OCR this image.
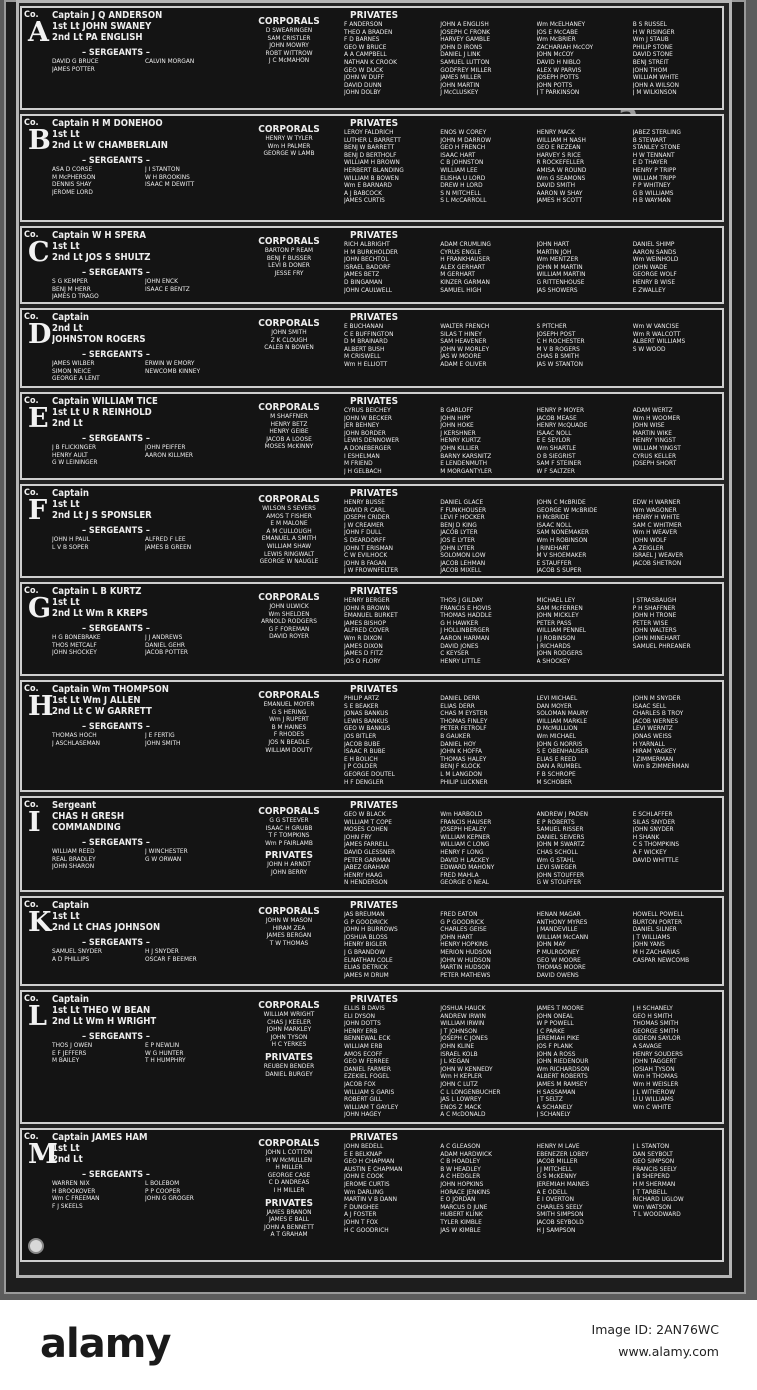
Co.
A
Captain J Q ANDERSON
1st Lt JOHN SWANEY
2nd Lt PA ENGLISH
– SERGEANTS –
DAVID G BRUCE
JAMES POTTER
CALVIN MORGAN
CORPORALS
D SWEARINGEN
SAM CRISTLER
JOHN MOWRY
ROBT WITTROW
J C McMAHON
PRIVATES
F ANDERSON
THEO A BRADEN
F D BARNES
GEO W BRUCE
A A CAMPBELL
NATHAN K CROOK
GEO W DUCK
JOHN W DUFF
DAVID DUNN
JOHN DOLBY
JOHN A ENGLISH
JOSEPH C FRONK
HARVEY GAMBLE
JOHN D IRONS
DANIEL J LINK
SAMUEL LUTTON
GODFREY MILLER
JAMES MILLER
JOHN MARTIN
J McCLUSKEY
Wm McELHANEY
JOS E McCABE
Wm McBRIER
ZACHARIAH McCOY
JOHN McCOY
DAVID H NIBLO
ALEX W PARVIS
JOSEPH POTTS
JOHN POTTS
J T PARKINSON
B S RUSSEL
H W RISINGER
Wm J STAUB
PHILIP STONE
DAVID STONE
BENJ STREIT
JOHN THOM
WILLIAM WHITE
JOHN A WILSON
J M WILKINSON
Co.
B
Captain H M DONEHOO
1st Lt
2nd Lt W CHAMBERLAIN
– SERGEANTS –
ASA D CORSE
M McPHERSON
DENNIS SHAY
JEROME LORD
J I STANTON
W H BROOKINS
ISAAC M DEWITT
CORPORALS
HENRY W TYLER
Wm H PALMER
GEORGE W LAMB
PRIVATES
LEROY FALDRICH
LUTHER L BARRETT
BENJ W BARRETT
BENJ D BERTHOLF
WILLIAM H BROWN
HERBERT BLANDING
WILLIAM B BOWEN
Wm E BARNARD
A J BABCOCK
JAMES CURTIS
ENOS W COREY
JOHN M DARROW
GEO H FRENCH
ISAAC HART
C B JOHNSTON
WILLIAM LEE
ELISHA U LORD
DREW H LORD
S N MITCHELL
S L McCARROLL
HENRY MACK
WILLIAM H NASH
GEO E REZEAN
HARVEY S RICE
R ROCKEFELLER
AMISA W ROUND
Wm G SEAMONS
DAVID SMITH
AARON W SHAY
JAMES H SCOTT
JABEZ STERLING
B STEWART
STANLEY STONE
H W TENNANT
E D THAYER
HENRY P TRIPP
WILLIAM TRIPP
F P WHITNEY
G B WILLIAMS
H B WAYMAN
Co.
C
Captain W H SPERA
1st Lt
2nd Lt JOS S SHULTZ
– SERGEANTS –
S G KEMPER
BENJ M HERR
JAMES D TRAGO
JOHN ENCK
ISAAC E BENTZ
CORPORALS
BARTON P REAM
BENJ F BUSSER
LEVI B DONER
JESSE FRY
PRIVATES
RICH ALBRIGHT
H M BURKHOLDER
JOHN BECHTOL
ISRAEL BADORF
JAMES BETZ
D BINGAMAN
JOHN CAULWELL
ADAM CRUMLING
CYRUS ENGLE
H FRANKHAUSER
ALEX GERHART
M GERHART
KINZER GARMAN
SAMUEL HIGH
JOHN HART
MARTIN JOH
Wm MENTZER
JOHN M MARTIN
WILLIAM MARTIN
G RITTENHOUSE
JAS SHOWERS
DANIEL SHIMP
AARON SANDS
Wm WEINHOLD
JOHN WADE
GEORGE WOLF
HENRY B WISE
E ZWALLEY
Co.
D
Captain
2nd Lt
JOHNSTON ROGERS
– SERGEANTS –
JAMES WILBER
SIMON NEICE
GEORGE A LENT
ERWIN W EMORY
NEWCOMB KINNEY
CORPORALS
JOHN SMITH
Z K CLOUGH
CALEB N BOWEN
PRIVATES
E BUCHANAN
C E BUFFINGTON
D M BRAINARD
ALBERT BUSH
M CRISWELL
Wm H ELLIOTT
WALTER FRENCH
SILAS T HINEY
SAM HEAVENER
JOHN W MORLEY
JAS W MOORE
ADAM E OLIVER
S PITCHER
JOSEPH POST
C H ROCHESTER
M V B ROGERS
CHAS B SMITH
JAS W STANTON
Wm W VANCISE
Wm R WALCOTT
ALBERT WILLIAMS
S W WOOD
Co.
E
Captain WILLIAM TICE
1st Lt U R REINHOLD
2nd Lt
– SERGEANTS –
J B FLICKINGER
HENRY AULT
G W LEININGER
JOHN PEIFFER
AARON KILLMER
CORPORALS
M SHAFFNER
HENRY BETZ
HENRY GEIBE
JACOB A LOOSE
MOSES McKINNY
PRIVATES
CYRUS BEICHEY
JOHN W BECKER
JER BEHNEY
JOHN BORDER
LEWIS DENNOWER
A DONEBERGER
I ESHELMAN
M FRIEND
J H GELBACH
B GARLOFF
JOHN HIPP
JOHN HOKE
J KERSHNER
HENRY KURTZ
JOHN KILLIER
BARNY KARSNITZ
E LENDENMUTH
M MORGANTYLER
HENRY P MOYER
JACOB MEASE
HENRY McQUADE
ISAAC NOLL
E E SEYLOR
Wm SHARTLE
O B SIEGRIST
SAM F STEINER
W F SALTZER
ADAM WERTZ
Wm H WOOMER
JOHN WISE
MARTIN WIKE
HENRY YINGST
WILLIAM YINGST
CYRUS KELLER
JOSEPH SHORT
Co.
F
Captain
1st Lt
2nd Lt J S SPONSLER
– SERGEANTS –
JOHN H PAUL
L V B SOPER
ALFRED F LEE
JAMES B GREEN
CORPORALS
WILSON S SEVERS
AMOS T FISHER
E M MALONE
A M CULLOUGH
EMANUEL A SMITH
WILLIAM SHAW
LEWIS RINGWALT
GEORGE W NAUGLE
PRIVATES
HENRY BUSSE
DAVID R CARL
JOSEPH CRIDER
J W CREAMER
JOHN F DULL
S DEARDORFF
JOHN T ERISMAN
C W EVILHOCK
JOHN B FAGAN
J W FROWNFELTER
DANIEL GLACE
F FUNKHOUSER
LEVI F HOCKER
BENJ D KING
JACOB LYTER
JOS E LYTER
JOHN LYTER
SOLOMON LOW
JACOB LEHMAN
JACOB MIXELL
JOHN C McBRIDE
GEORGE W McBRIDE
H McBRIDE
ISAAC NOLL
SAM NONEMAKER
Wm H ROBINSON
J RINEHART
M V SHOEMAKER
E STAUFFER
JACOB S SUPER
EDW H WARNER
Wm WAGONER
HENRY H WHITE
SAM C WHITMER
Wm H WEAVER
JOHN WOLF
A ZEIGLER
ISRAEL J WEAVER
JACOB SHETRON
Co.
G
Captain L B KURTZ
1st Lt
2nd Lt Wm R KREPS
– SERGEANTS –
H G BONEBRAKE
THOS METCALF
JOHN SHOCKEY
J J ANDREWS
DANIEL GEHR
JACOB POTTER
CORPORALS
JOHN ULWICK
Wm SHELDEN
ARNOLD RODGERS
G F FOREMAN
DAVID ROYER
PRIVATES
HENRY BERGER
JOHN R BROWN
EMANUEL BURKET
JAMES BISHOP
ALFRED COVER
Wm R DIXON
JAMES DIXON
JAMES D FITZ
JOS O FLORY
THOS J GILDAY
FRANCIS E HOVIS
THOMAS HADDLE
G H HAWKER
J HOLLINBERGER
AARON HARMAN
DAVID JONES
C KEYSER
HENRY LITTLE
MICHAEL LEY
SAM McFERREN
JOHN MICKLEY
PETER PASS
WILLIAM PENNEL
J J ROBINSON
J RICHARDS
JOHN RODGERS
A SHOCKEY
J STRASBAUGH
P H SHAFFNER
JOHN H TRONE
PETER WISE
JOHN WALTERS
JOHN MINEHART
SAMUEL PHREANER
Co.
H
Captain Wm THOMPSON
1st Lt Wm J ALLEN
2nd Lt C W GARRETT
– SERGEANTS –
THOMAS HOCH
J ASCHLASEMAN
J E FERTIG
JOHN SMITH
CORPORALS
EMANUEL MOYER
G S HERING
Wm J RUPERT
B M HAINES
F RHODES
JOS N BEADLE
WILLIAM DOUTY
PRIVATES
PHILIP ARTZ
S E BEAKER
JONAS BANKUS
LEWIS BANKUS
GEO W BANKUS
JOS BITLER
JACOB BUBE
ISAAC R BUBE
E H BOLICH
J P COLDER
GEORGE DOUTEL
H F DENGLER
DANIEL DERR
ELIAS DERR
CHAS M EYSTER
THOMAS FINLEY
PETER FETROLF
B GAUKER
DANIEL HOY
JOHN K HOFFA
THOMAS HALEY
BENJ F KLOCK
L M LANGDON
PHILIP LUCKNER
LEVI MICHAEL
DAN MOYER
SOLOMAN MAURY
WILLIAM MARKLE
D McMULLION
Wm MICHAEL
JOHN G NORRIS
S E OBENHAUSER
ELIAS E REED
DAN A RUMBEL
F B SCHROPE
M SCHOBER
JOHN M SNYDER
ISAAC SELL
CHARLES B TROY
JACOB WERNES
LEVI WERNTZ
JONAS WEISS
H YARNALL
HIRAM YAGKEY
J ZIMMERMAN
Wm B ZIMMERMAN
Co.
I
Sergeant
CHAS H GRESH
COMMANDING
– SERGEANTS –
WILLIAM REED
REAL BRADLEY
JOHN SHARON
J WINCHESTER
G W ORWAN
CORPORALS
G G STEEVER
ISAAC H GRUBB
T F TOMPKINS
Wm P FAIRLAMB
PRIVATES
JOHN H ARNDT
JOHN BERRY
PRIVATES
GEO W BLACK
WILLIAM T COPE
MOSES COHEN
JOHN FRY
JAMES FARRELL
DAVID GLESSNER
PETER GARMAN
JABEZ GRAHAM
HENRY HAAG
N HENDERSON
Wm HARBOLD
FRANCIS HAUSER
JOSEPH HEALEY
WILLIAM KEPNER
WILLIAM C LONG
HENRY F LONG
DAVID H LACKEY
EDWARD MAHONY
FRED MAHLA
GEORGE O NEAL
ANDREW J PADEN
E P ROBERTS
SAMUEL RISSER
DANIEL SEIVERS
JOHN M SWARTZ
CHAS SCHOLL
Wm G STAHL
LEVI SWEGER
JOHN STOUFFER
G W STOUFFER
E SCHLAFFER
SILAS SNYDER
JOHN SNYDER
H SHANK
C S THOMPKINS
A F WICKEY
DAVID WHITTLE
Co.
K
Captain
1st Lt
2nd Lt CHAS JOHNSON
– SERGEANTS –
SAMUEL SNYDER
A D PHILLIPS
H J SNYDER
OSCAR F BEEMER
CORPORALS
JOHN W MASON
HIRAM ZEA
JAMES BERGAN
T W THOMAS
PRIVATES
JAS BREUMAN
G P GOODRICK
JOHN H BURROWS
JOSHUA BLOSS
HENRY BIGLER
J G BRANDOW
ELNATHAN COLE
ELIAS DETRICK
JAMES M DRUM
FRED EATON
G P GOODRICK
CHARLES GEISE
JOHN HART
HENRY HOPKINS
MERION HUDSON
JOHN W HUDSON
MARTIN HUDSON
PETER MATHEWS
HENAN MAGAR
ANTHONY MYRES
J MANDEVILLE
WILLIAM McCANN
JOHN MAY
P MULROONEY
GEO W MOORE
THOMAS MOORE
DAVID OWENS
HOWELL POWELL
BURTON PORTER
DANIEL SILNER
J T WILLIAMS
JOHN YANS
M H ZACHARIAS
CASPAR NEWCOMB
Co.
L
Captain
1st Lt THEO W BEAN
2nd Lt Wm H WRIGHT
– SERGEANTS –
THOS J OWEN
E F JEFFERS
M BAILEY
E P NEWLIN
W G HUNTER
T H HUMPHRY
CORPORALS
WILLIAM WRIGHT
CHAS J KEELER
JOHN MARKLEY
JOHN TYSON
H C YERKES
PRIVATES
REUBEN BENDER
DANIEL BURGEY
PRIVATES
ELLIS B DAVIS
ELI DYSON
JOHN DOTTS
HENRY ERB
BENNEWAL ECK
WILLIAM ERB
AMOS ECOFF
GEO W FERREE
DANIEL FARMER
EZEKIEL FOGEL
JACOB FOX
WILLIAM S GARIS
ROBERT GILL
WILLIAM T GAYLEY
JOHN HAGEY
JOSHUA HAUCK
ANDREW IRWIN
WILLIAM IRWIN
J T JOHNSON
JOSEPH C JONES
JOHN KLINE
ISRAEL KOLB
J L KEGAN
JOHN W KENNEDY
Wm H KEPLER
JOHN C LUTZ
C L LONGENBUCHER
JAS L LOWREY
ENOS Z MACK
A C McDONALD
JAMES T MOORE
JOHN ONEAL
W P POWELL
J C PARKE
JEREMIAH PIKE
JOS F PLANK
JOHN A ROSS
JOHN RIEDENOUR
Wm RICHARDSON
ALBERT ROBERTS
JAMES M RAMSEY
H SASSAMAN
J T SELTZ
A SCHANELY
J SCHANELY
J H SCHANELY
GEO H SMITH
THOMAS SMITH
GEORGE SMITH
GIDEON SAYLOR
A SAVAGE
HENRY SOUDERS
JOHN TAGGERT
JOSIAH TYSON
Wm H THOMAS
Wm H WEISLER
J L WITHEROW
U U WILLIAMS
Wm C WHITE
Co.
M
Captain JAMES HAM
1st Lt
2nd Lt
– SERGEANTS –
WARREN NIX
H BROOKOVER
Wm C FREEMAN
F J SKEELS
L BOLEBOM
P P COOPER
JOHN G GROGER
CORPORALS
JOHN L COTTON
H W McMULLEN
H MILLER
GEORGE CASE
C D ANDREAS
I H MILLER
PRIVATES
JAMES BRANON
JAMES E BALL
JOHN A BENNETT
A T GRAHAM
PRIVATES
JOHN BEDELL
E E BELKNAP
GEO H CHAPMAN
AUSTIN E CHAPMAN
JOHN E COOK
JEROME CURTIS
Wm DARLING
MARTIN V B DANN
F DUNGHEE
A J FOSTER
JOHN T FOX
H C GOODRICH
A C GLEASON
ADAM HARDWICK
C B HOADLEY
B W HEADLEY
A C HEDGLER
JOHN HOPKINS
HORACE JENKINS
E O JORDAN
MARCUS D JUNE
HUBERT KLINK
TYLER KIMBLE
JAS W KIMBLE
HENRY M LAVE
EBENEZER LOBEY
JACOB MILLER
J J MITCHELL
G S McKENNY
JEREMIAH MAINES
A E ODELL
E I OVERTON
CHARLES SEELY
SMITH SIMPSON
JACOB SEYBOLD
H J SAMPSON
J L STANTON
DAN SEYBOLT
GEO SIMPSON
FRANCIS SEELY
J B SHEPERD
H M SHERMAN
J T TARBELL
RICHARD UGLOW
Wm WATSON
T L WOODWARD
alamy	Image ID: 2AN76WC
www.alamy.com
